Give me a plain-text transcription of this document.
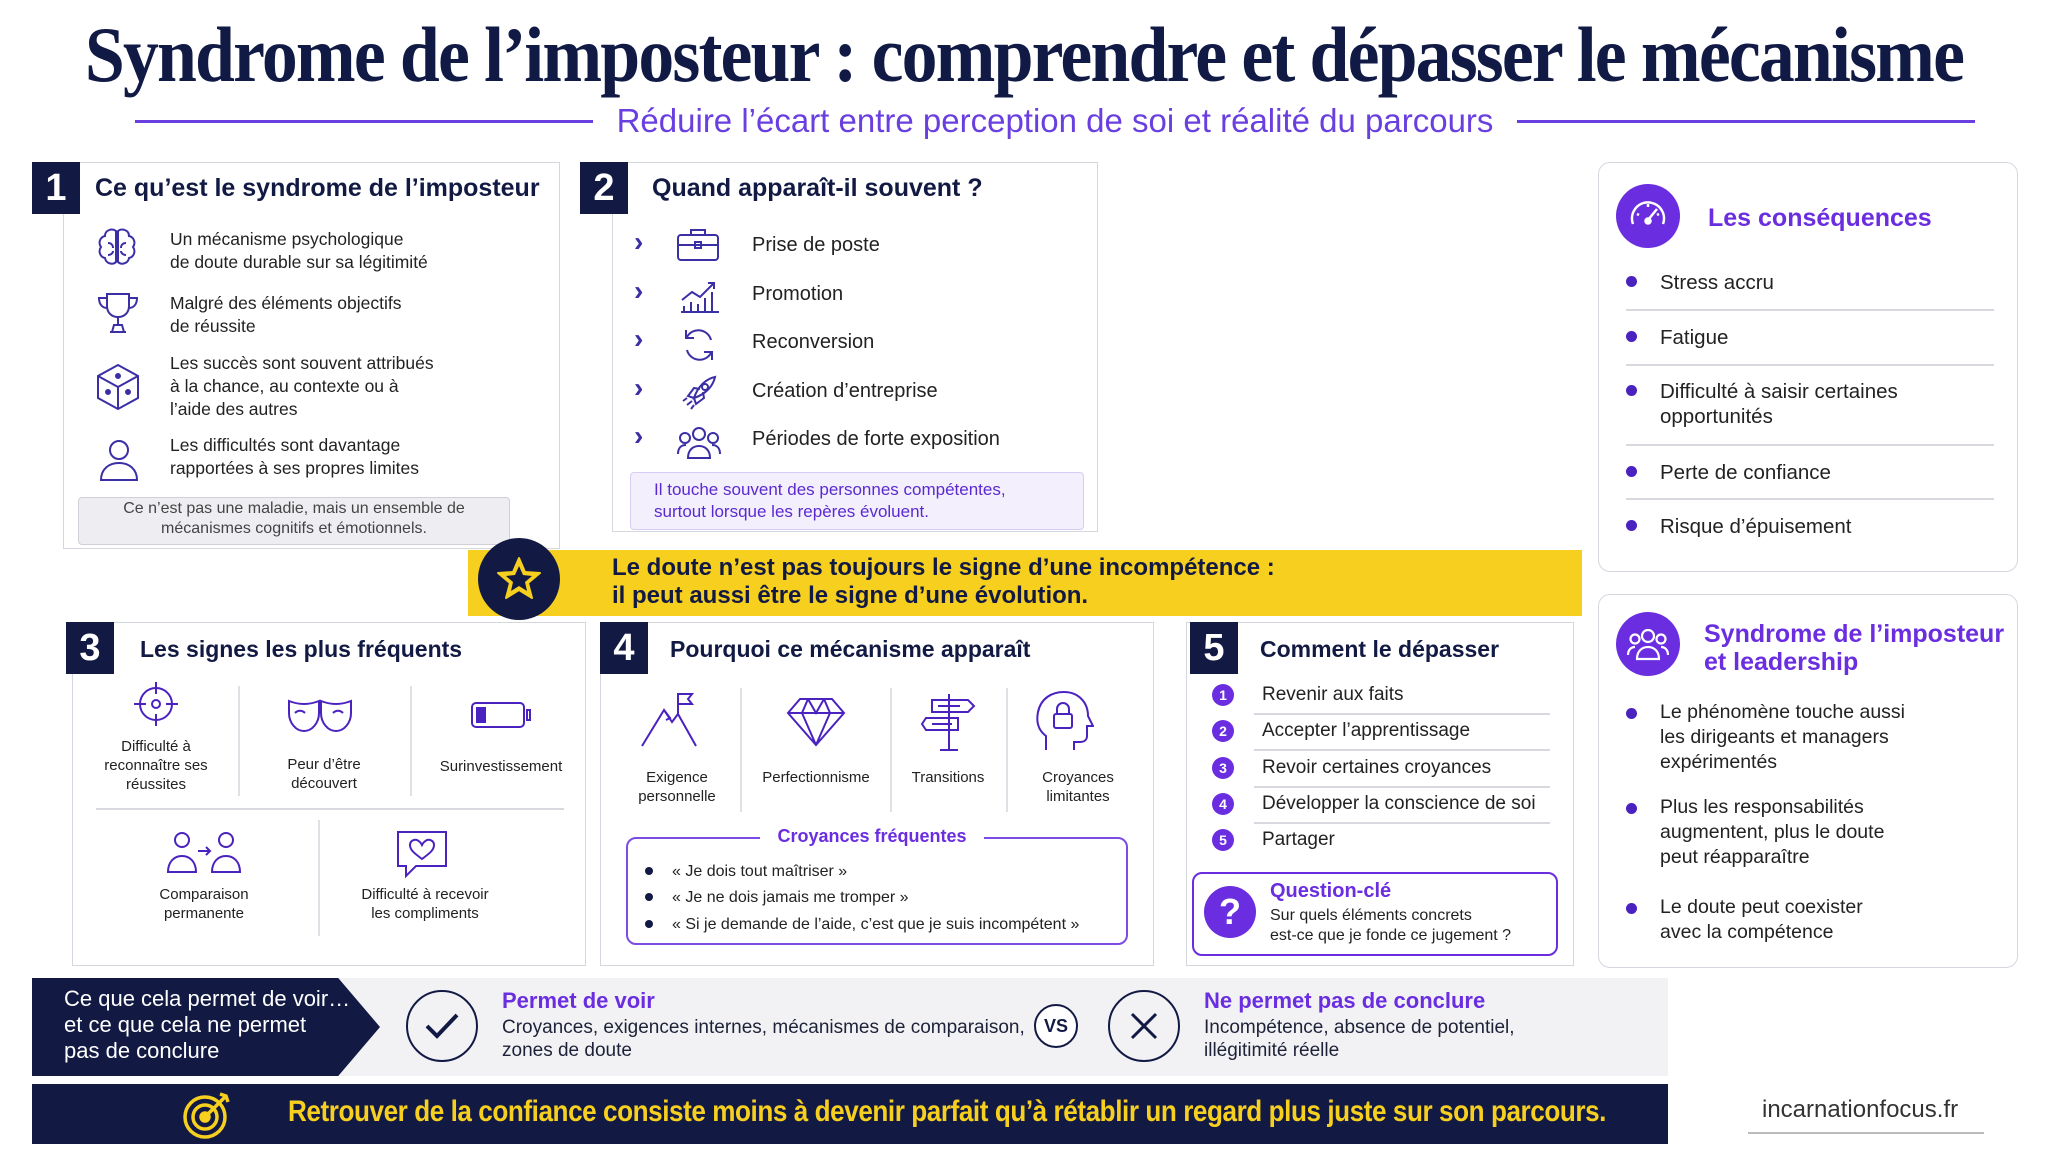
Syndrome de l’imposteur : comprendre et dépasser le mécanisme
Réduire l’écart entre perception de soi et réalité du parcours
1	Ce qu’est le syndrome de l’imposteur
Un mécanisme psychologique
de doute durable sur sa légitimité
Malgré des éléments objectifs
de réussite
Les succès sont souvent attribués
à la chance, au contexte ou à
l’aide des autres
Les difficultés sont davantage
rapportées à ses propres limites
Ce n’est pas une maladie, mais un ensemble de
mécanismes cognitifs et émotionnels.
2	Quand apparaît-il souvent ?
›	Prise de poste
›	Promotion
›	Reconversion
›	Création d’entreprise
›	Périodes de forte exposition
Il touche souvent des personnes compétentes,
surtout lorsque les repères évoluent.
Le doute n’est pas toujours le signe d’une incompétence :
il peut aussi être le signe d’une évolution.
3	Les signes les plus fréquents
Difficulté à
reconnaître ses
réussites
Peur d’être
découvert
Surinvestissement
Comparaison
permanente
Difficulté à recevoir
les compliments
4	Pourquoi ce mécanisme apparaît
Exigence
personnelle
Perfectionnisme	Transitions	Croyances
limitantes
Croyances fréquentes
« Je dois tout maîtriser »
« Je ne dois jamais me tromper »
« Si je demande de l’aide, c’est que je suis incompétent »
5	Comment le dépasser
1	Revenir aux faits
2	Accepter l’apprentissage
3	Revoir certaines croyances
4	Développer la conscience de soi
5	Partager
?	Question-clé
Sur quels éléments concrets
est-ce que je fonde ce jugement ?
Les conséquences
Stress accru
Fatigue
Difficulté à saisir certaines
opportunités
Perte de confiance
Risque d’épuisement
Syndrome de l’imposteur
et leadership
Le phénomène touche aussi
les dirigeants et managers
expérimentés
Plus les responsabilités
augmentent, plus le doute
peut réapparaître
Le doute peut coexister
avec la compétence
Ce que cela permet de voir…
et ce que cela ne permet
pas de conclure
Permet de voir
Croyances, exigences internes, mécanismes de comparaison,
zones de doute
VS
Ne permet pas de conclure
Incompétence, absence de potentiel,
illégitimité réelle
Retrouver de la confiance consiste moins à devenir parfait qu’à rétablir un regard plus juste sur son parcours.	incarnationfocus.fr
